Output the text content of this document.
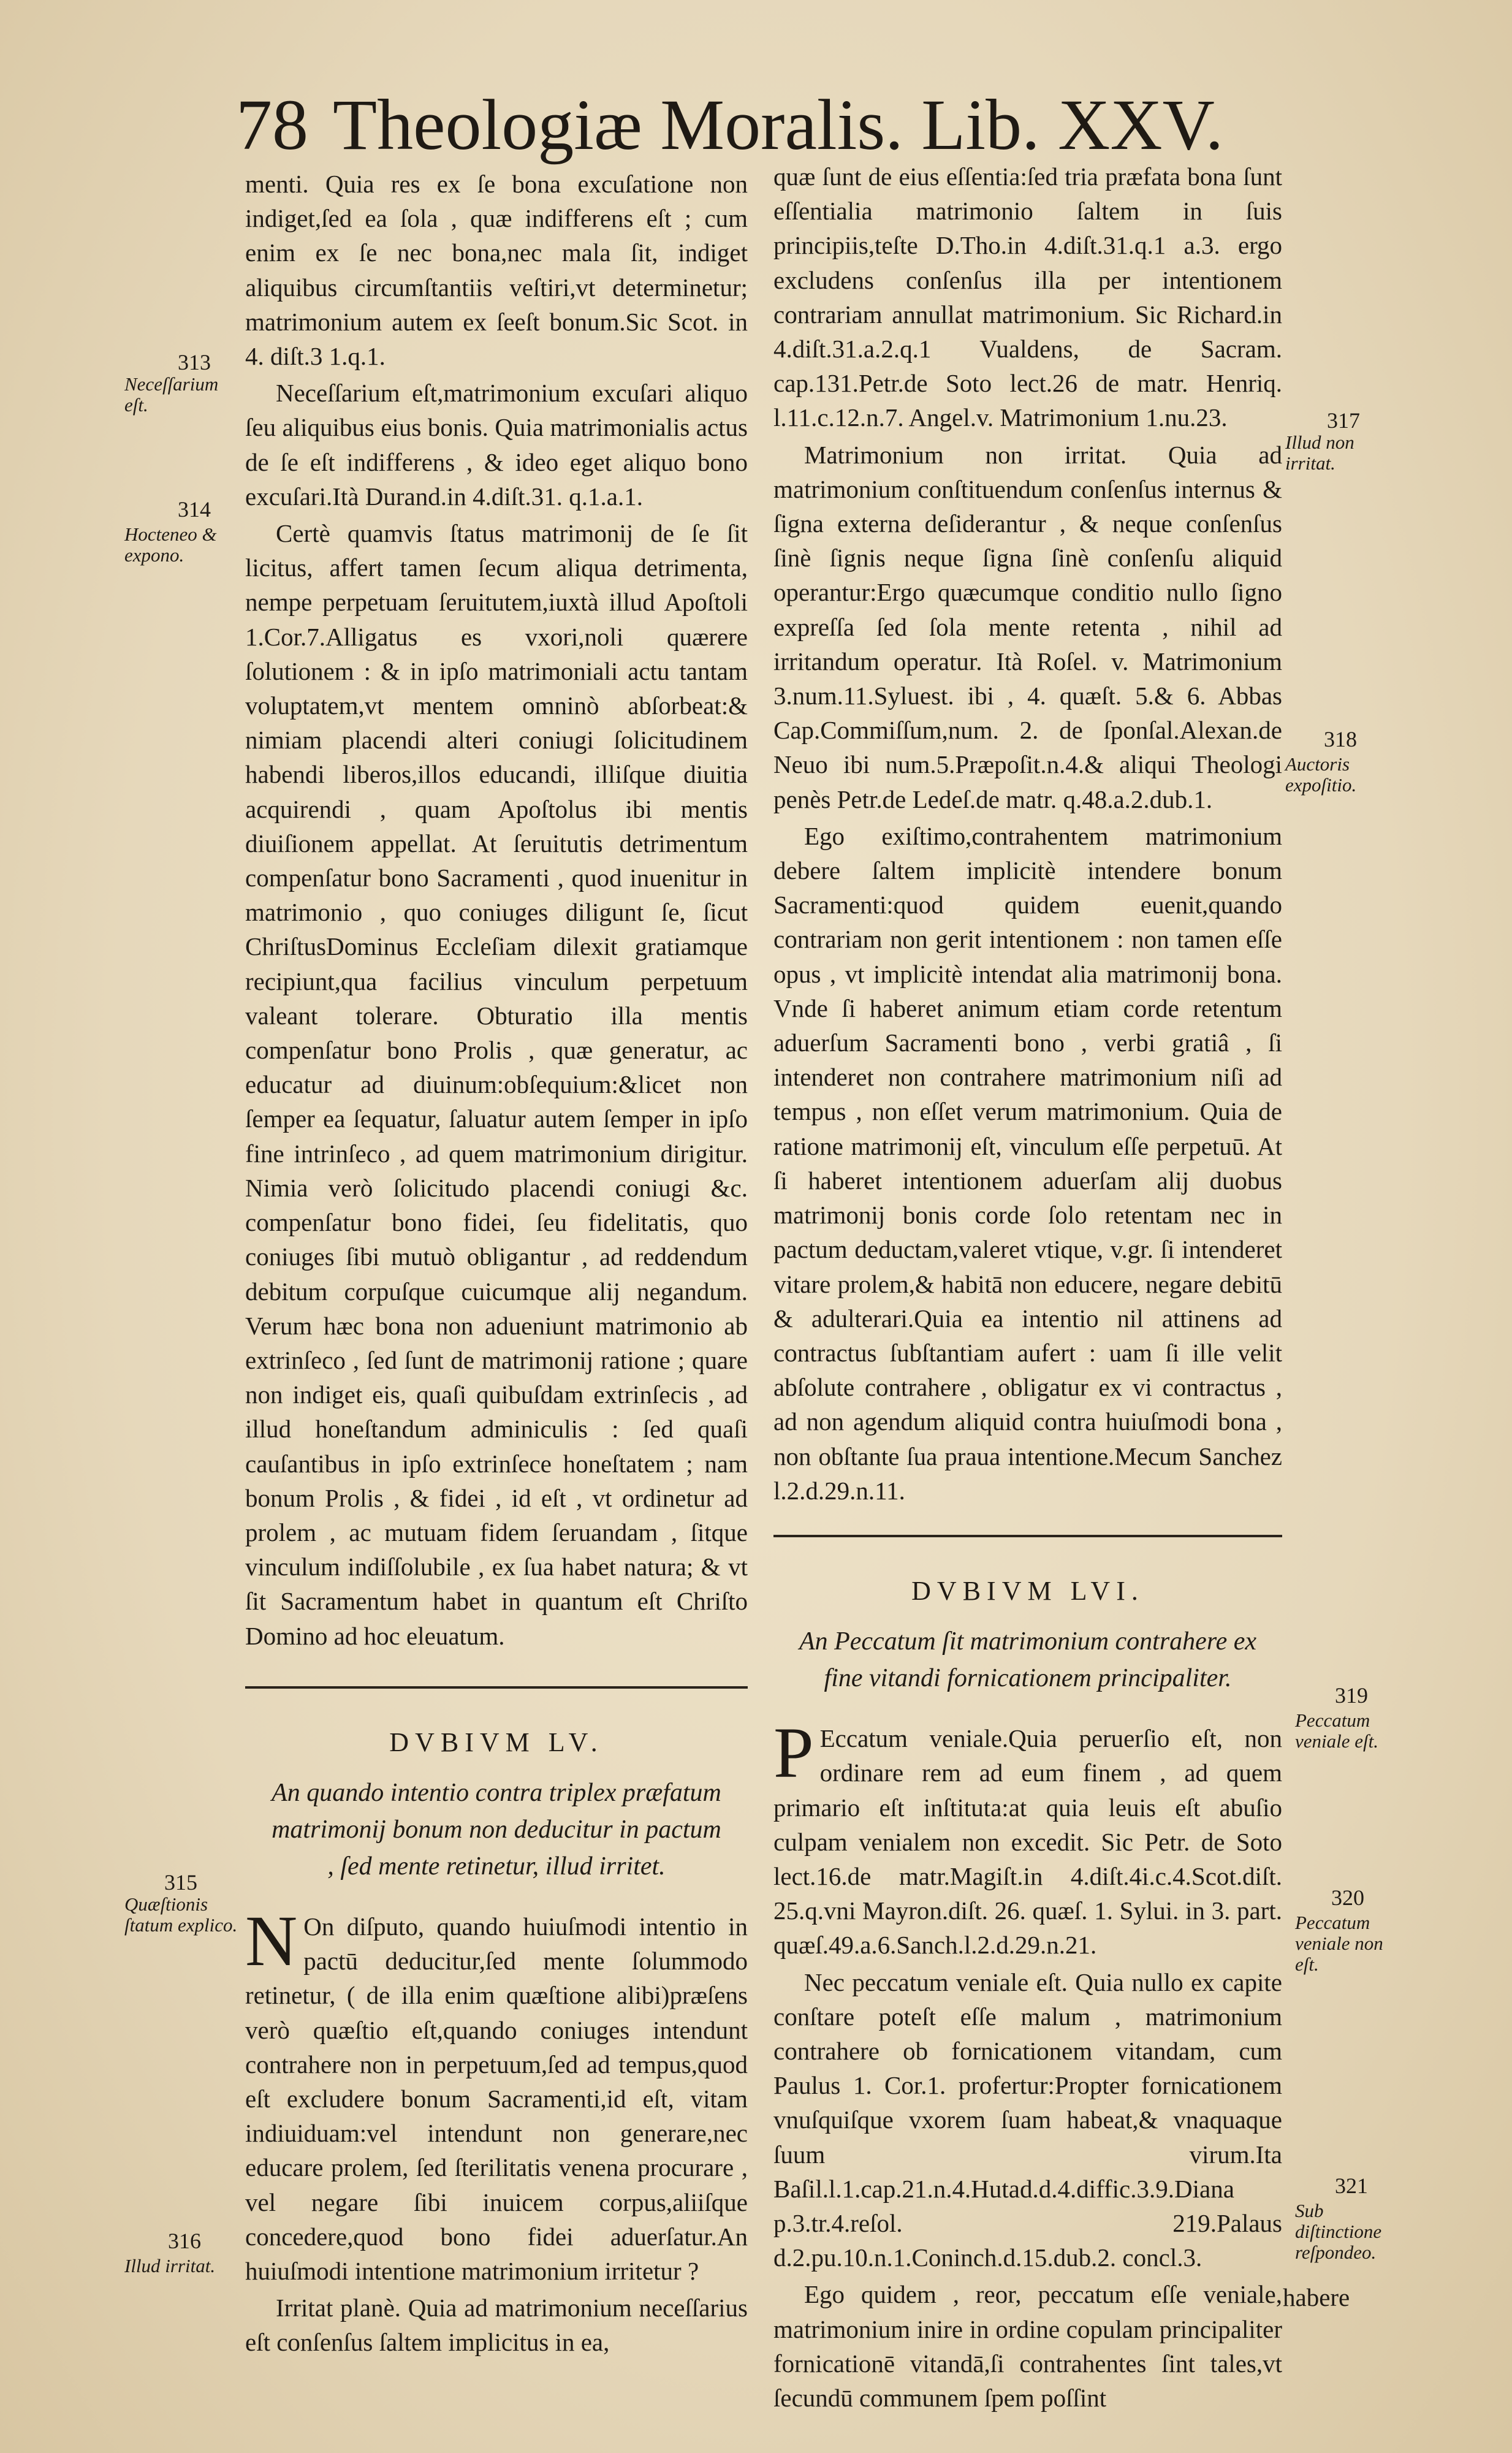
78 Theologiæ Moralis. Lib. XXV.

menti. Quia res ex ſe bona excuſatione non indiget,ſed ea ſola , quæ indifferens eſt ; cum enim ex ſe nec bona,nec mala ſit, indiget aliquibus circumſtantiis veſtiri,vt determinetur; matrimonium autem ex ſeeſt bonum.Sic Scot. in 4. diſt.3 1.q.1.

Neceſſarium eſt,matrimonium excuſari aliquo ſeu aliquibus eius bonis. Quia matrimonialis actus de ſe eſt indifferens , & ideo eget aliquo bono excuſari.Ità Durand.in 4.diſt.31. q.1.a.1.

Certè quamvis ſtatus matrimonij de ſe ſit licitus, affert tamen ſecum aliqua detrimenta, nempe perpetuam ſeruitutem,iuxtà illud Apoſtoli 1.Cor.7.Alligatus es vxori,noli quærere ſolutionem : & in ipſo matrimoniali actu tantam voluptatem,vt mentem omninò abſorbeat:& nimiam placendi alteri coniugi ſolicitudinem habendi liberos,illos educandi, illiſque diuitia acquirendi , quam Apoſtolus ibi mentis diuiſionem appellat. At ſeruitutis detrimentum compenſatur bono Sacramenti , quod inuenitur in matrimonio , quo coniuges diligunt ſe, ſicut ChriſtusDominus Eccleſiam dilexit gratiamque recipiunt,qua facilius vinculum perpetuum valeant tolerare. Obturatio illa mentis compenſatur bono Prolis , quæ generatur, ac educatur ad diuinum:obſequium:&licet non ſemper ea ſequatur, ſaluatur autem ſemper in ipſo fine intrinſeco , ad quem matrimonium dirigitur. Nimia verò ſolicitudo placendi coniugi &c. compenſatur bono fidei, ſeu fidelitatis, quo coniuges ſibi mutuò obligantur , ad reddendum debitum corpuſque cuicumque alij negandum. Verum hæc bona non adueniunt matrimonio ab extrinſeco , ſed ſunt de matrimonij ratione ; quare non indiget eis, quaſi quibuſdam extrinſecis , ad illud honeſtandum adminiculis : ſed quaſi cauſantibus in ipſo extrinſece honeſtatem ; nam bonum Prolis , & fidei , id eſt , vt ordinetur ad prolem , ac mutuam fidem ſeruandam , ſitque vinculum indiſſolubile , ex ſua habet natura; & vt ſit Sacramentum habet in quantum eſt Chriſto Domino ad hoc eleuatum.

DVBIVM LV.
An quando intentio contra triplex præfatum matrimonij bonum non deducitur in pactum , ſed mente retinetur, illud irritet.

N On diſputo, quando huiuſmodi intentio in pactū deducitur,ſed mente ſolummodo retinetur, ( de illa enim quæſtione alibi)præſens verò quæſtio eſt,quando coniuges intendunt contrahere non in perpetuum,ſed ad tempus,quod eſt excludere bonum Sacramenti,id eſt, vitam indiuiduam:vel intendunt non generare,nec educare prolem, ſed ſterilitatis venena procurare , vel negare ſibi inuicem corpus,aliiſque concedere,quod bono fidei aduerſatur.An huiuſmodi intentione matrimonium irritetur ?

Irritat planè. Quia ad matrimonium neceſſarius eſt conſenſus ſaltem implicitus in ea,

quæ ſunt de eius eſſentia:ſed tria præfata bona ſunt eſſentialia matrimonio ſaltem in ſuis principiis,teſte D.Tho.in 4.diſt.31.q.1 a.3. ergo excludens conſenſus illa per intentionem contrariam annullat matrimonium. Sic Richard.in 4.diſt.31.a.2.q.1 Vualdens, de Sacram. cap.131.Petr.de Soto lect.26 de matr. Henriq. l.11.c.12.n.7. Angel.v. Matrimonium 1.nu.23.

Matrimonium non irritat. Quia ad matrimonium conſtituendum conſenſus internus & ſigna externa deſiderantur , & neque conſenſus ſinè ſignis neque ſigna ſinè conſenſu aliquid operantur:Ergo quæcumque conditio nullo ſigno expreſſa ſed ſola mente retenta , nihil ad irritandum operatur. Ità Roſel. v. Matrimonium 3.num.11.Syluest. ibi , 4. quæſt. 5.& 6. Abbas Cap.Commiſſum,num. 2. de ſponſal.Alexan.de Neuo ibi num.5.Præpoſit.n.4.& aliqui Theologi penès Petr.de Ledeſ.de matr. q.48.a.2.dub.1.

Ego exiſtimo,contrahentem matrimonium debere ſaltem implicitè intendere bonum Sacramenti:quod quidem euenit,quando contrariam non gerit intentionem : non tamen eſſe opus , vt implicitè intendat alia matrimonij bona. Vnde ſi haberet animum etiam corde retentum aduerſum Sacramenti bono , verbi gratiâ , ſi intenderet non contrahere matrimonium niſi ad tempus , non eſſet verum matrimonium. Quia de ratione matrimonij eſt, vinculum eſſe perpetuū. At ſi haberet intentionem aduerſam alij duobus matrimonij bonis corde ſolo retentam nec in pactum deductam,valeret vtique, v.gr. ſi intenderet vitare prolem,& habitā non educere, negare debitū & adulterari.Quia ea intentio nil attinens ad contractus ſubſtantiam aufert : uam ſi ille velit abſolute contrahere , obligatur ex vi contractus , ad non agendum aliquid contra huiuſmodi bona , non obſtante ſua praua intentione.Mecum Sanchez l.2.d.29.n.11.

DVBIVM LVI.
An Peccatum ſit matrimonium contrahere ex fine vitandi fornicationem principaliter.

P Eccatum veniale.Quia peruerſio eſt, non ordinare rem ad eum finem , ad quem primario eſt inſtituta:at quia leuis eſt abuſio culpam venialem non excedit. Sic Petr. de Soto lect.16.de matr.Magiſt.in 4.diſt.4i.c.4.Scot.diſt. 25.q.vni Mayron.diſt. 26. quæſ. 1. Sylui. in 3. part. quæſ.49.a.6.Sanch.l.2.d.29.n.21.

Nec peccatum veniale eſt. Quia nullo ex capite conſtare poteſt eſſe malum , matrimonium contrahere ob fornicationem vitandam, cum Paulus 1. Cor.1. profertur:Propter fornicationem vnuſquiſque vxorem ſuam habeat,& vnaquaque ſuum virum.Ita Baſil.l.1.cap.21.n.4.Hutad.d.4.diffic.3.9.Diana p.3.tr.4.reſol. 219.Palaus d.2.pu.10.n.1.Coninch.d.15.dub.2. concl.3.

Ego quidem , reor, peccatum eſſe veniale, matrimonium inire in ordine copulam principaliter fornicationē vitandā,ſi contrahentes ſint tales,vt ſecundū communem ſpem poſſint

habere
313
Neceſſarium eſt.
314
Hocteneo & expono.
315
Quæſtionis ſtatum explico.
316
Illud irritat.
317
Illud non irritat.
318
Auctoris expoſitio.
319
Peccatum veniale eſt.
320
Peccatum veniale non eſt.
321
Sub diſtinctione reſpondeo.
